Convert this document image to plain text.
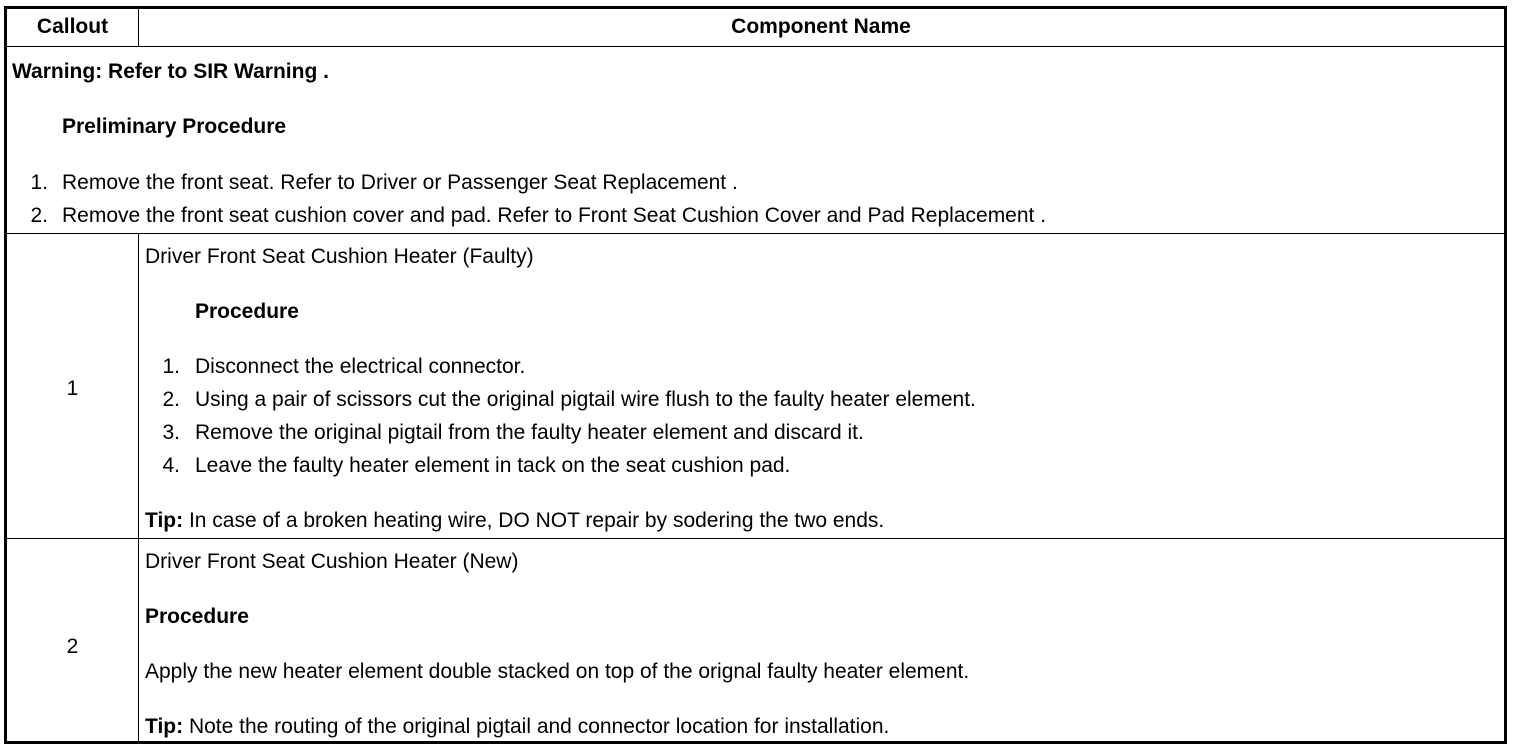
Callout	Component Name
Warning: Refer to SIR Warning .
Preliminary Procedure
1. Remove the front seat. Refer to Driver or Passenger Seat Replacement .
2. Remove the front seat cushion cover and pad. Refer to Front Seat Cushion Cover and Pad Replacement .
1
Driver Front Seat Cushion Heater (Faulty)
Procedure
1. Disconnect the electrical connector.
2. Using a pair of scissors cut the original pigtail wire flush to the faulty heater element.
3. Remove the original pigtail from the faulty heater element and discard it.
4. Leave the faulty heater element in tack on the seat cushion pad.
Tip: In case of a broken heating wire, DO NOT repair by sodering the two ends.
2
Driver Front Seat Cushion Heater (New)
Procedure
Apply the new heater element double stacked on top of the orignal faulty heater element.
Tip: Note the routing of the original pigtail and connector location for installation.
